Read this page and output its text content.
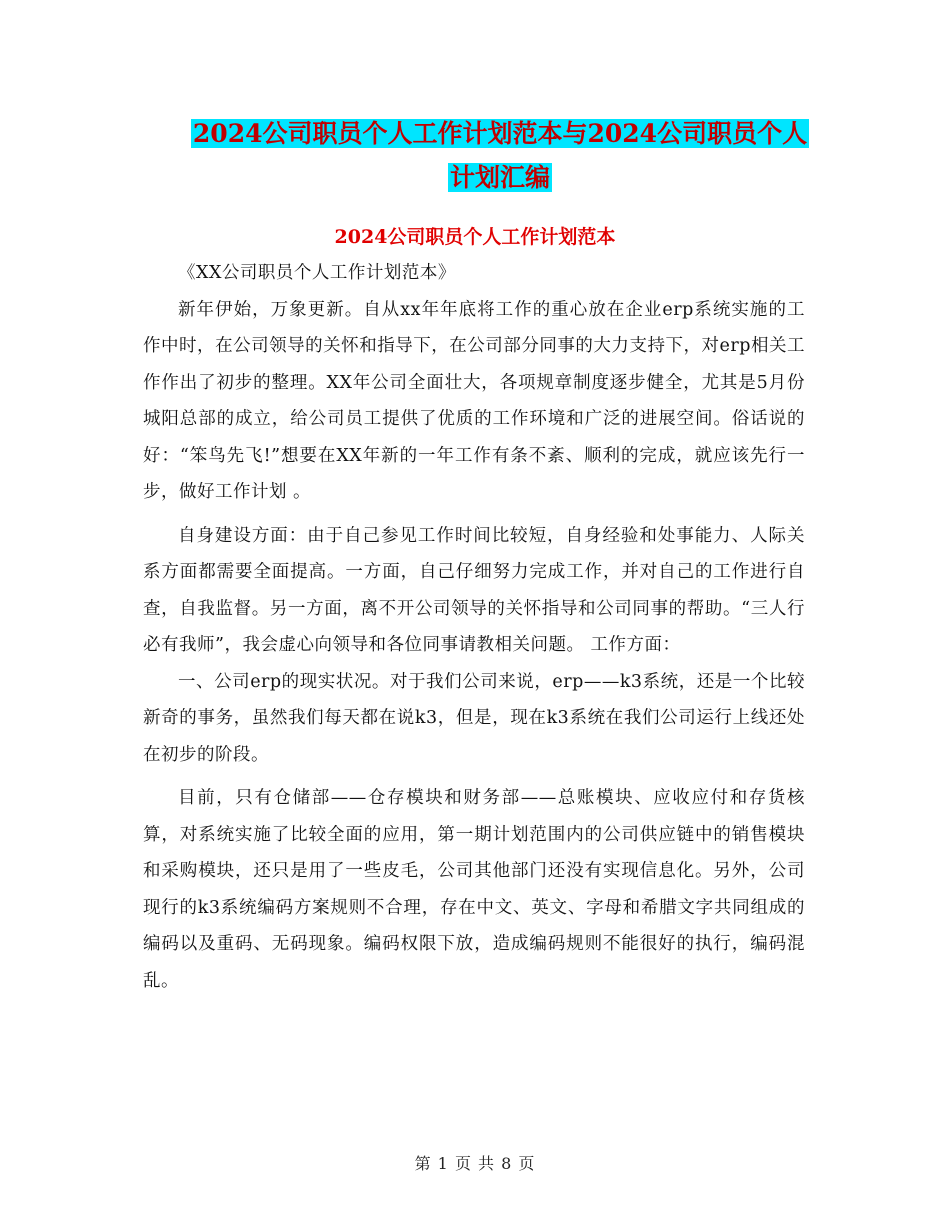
2024公司职员个人工作计划范本与2024公司职员个人
计划汇编
2024公司职员个人工作计划范本

《XX公司职员个人工作计划范本》

新年伊始，万象更新。自从xx年年底将工作的重心放在企业erp系统实施的工作中时，在公司领导的关怀和指导下，在公司部分同事的大力支持下，对erp相关工作作出了初步的整理。XX年公司全面壮大，各项规章制度逐步健全，尤其是5月份城阳总部的成立，给公司员工提供了优质的工作环境和广泛的进展空间。俗话说的好：“笨鸟先飞!”想要在XX年新的一年工作有条不紊、顺利的完成，就应该先行一步，做好工作计划 。

自身建设方面：由于自己参见工作时间比较短，自身经验和处事能力、人际关系方面都需要全面提高。一方面，自己仔细努力完成工作，并对自己的工作进行自查，自我监督。另一方面，离不开公司领导的关怀指导和公司同事的帮助。“三人行必有我师”，我会虚心向领导和各位同事请教相关问题。 工作方面：

一、公司erp的现实状况。对于我们公司来说，erp——k3系统，还是一个比较新奇的事务，虽然我们每天都在说k3，但是，现在k3系统在我们公司运行上线还处在初步的阶段。

目前，只有仓储部——仓存模块和财务部——总账模块、应收应付和存货核算，对系统实施了比较全面的应用，第一期计划范围内的公司供应链中的销售模块和采购模块，还只是用了一些皮毛，公司其他部门还没有实现信息化。另外，公司现行的k3系统编码方案规则不合理，存在中文、英文、字母和希腊文字共同组成的编码以及重码、无码现象。编码权限下放，造成编码规则不能很好的执行，编码混乱。

第 1 页 共 8 页
